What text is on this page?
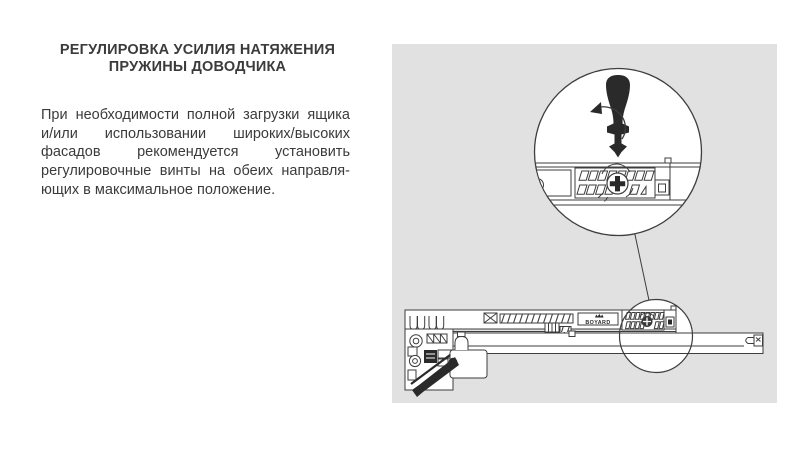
РЕГУЛИРОВКА УСИЛИЯ НАТЯЖЕНИЯ
ПРУЖИНЫ ДОВОДЧИКА
При необходимости полной загрузки ящика
и/или использовании широких/высоких
фасадов рекомендуется установить
регулировочные винты на обеих направля-
ющих в максимальное положение.
BOYARD
